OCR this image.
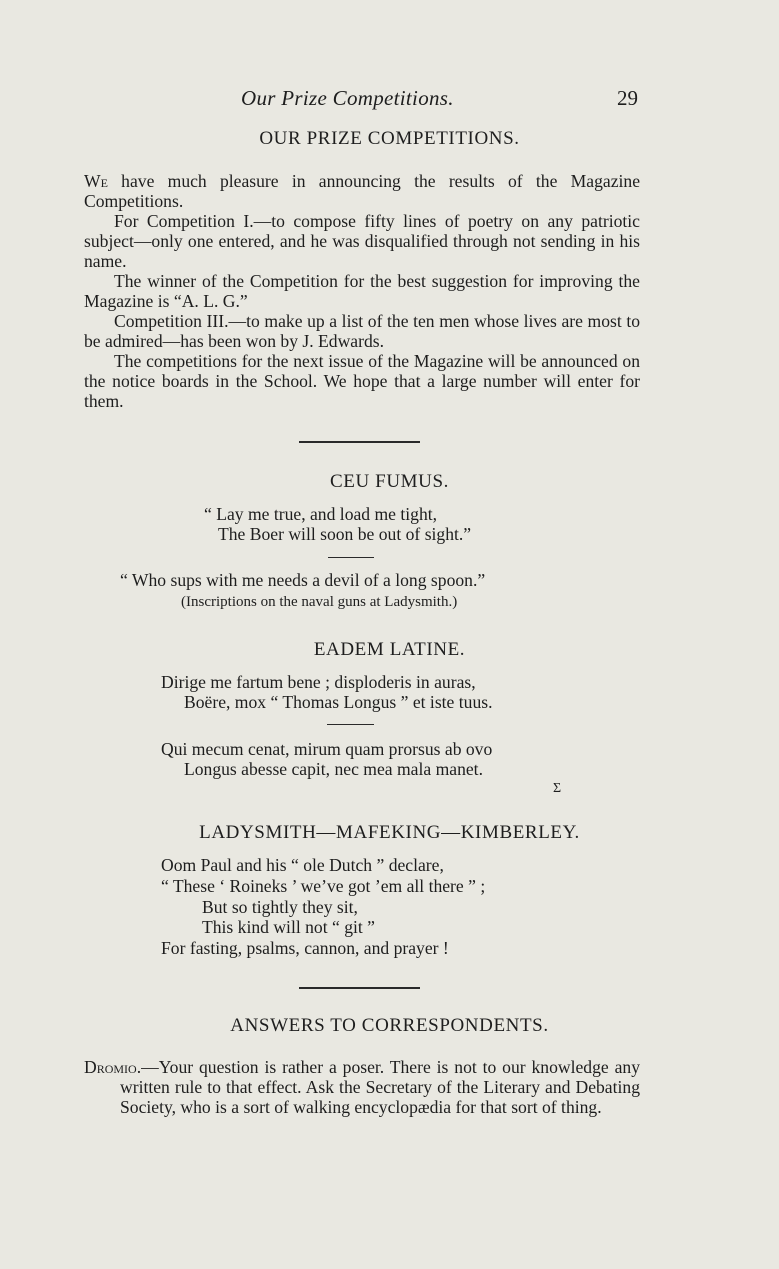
Our Prize Competitions.	29
OUR PRIZE COMPETITIONS.

We have much pleasure in announcing the results of the Magazine Competitions.

For Competition I.—to compose fifty lines of poetry on any patriotic subject—only one entered, and he was disqualified through not sending in his name.

The winner of the Competition for the best suggestion for improving the Magazine is “A. L. G.”

Competition III.—to make up a list of the ten men whose lives are most to be admired—has been won by J. Edwards.

The competitions for the next issue of the Magazine will be announced on the notice boards in the School. We hope that a large number will enter for them.

CEU FUMUS.
“ Lay me true, and load me tight,
The Boer will soon be out of sight.”
“ Who sups with me needs a devil of a long spoon.”
(Inscriptions on the naval guns at Ladysmith.)
EADEM LATINE.
Dirige me fartum bene ; disploderis in auras,
Boëre, mox “ Thomas Longus ” et iste tuus.
Qui mecum cenat, mirum quam prorsus ab ovo
Longus abesse capit, nec mea mala manet.
Σ
LADYSMITH—MAFEKING—KIMBERLEY.
Oom Paul and his “ ole Dutch ” declare,
“ These ‘ Roineks ’ we’ve got ’em all there ” ;
But so tightly they sit,
This kind will not “ git ”
For fasting, psalms, cannon, and prayer !
ANSWERS TO CORRESPONDENTS.

Dromio.—Your question is rather a poser. There is not to our knowledge any written rule to that effect. Ask the Secretary of the Literary and Debating Society, who is a sort of walking encyclopædia for that sort of thing.
